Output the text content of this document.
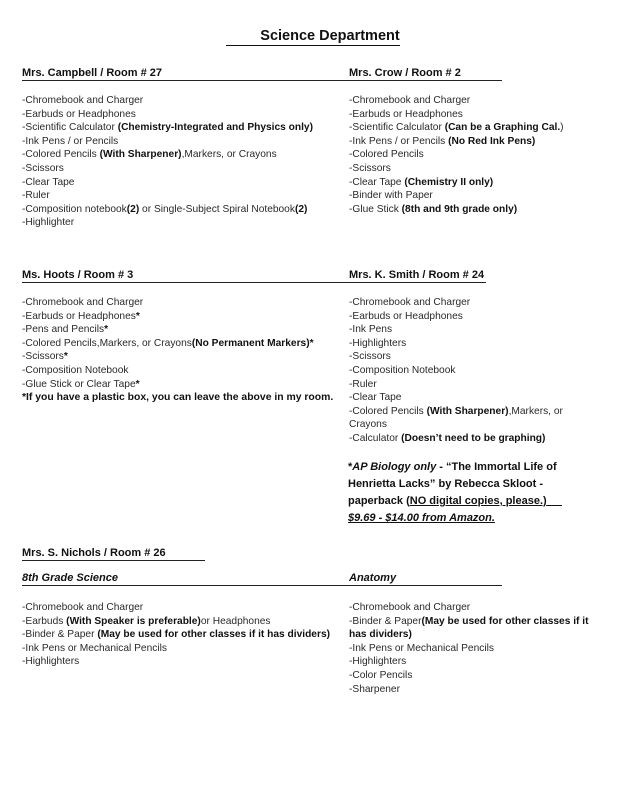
Science Department
Mrs. Campbell / Room # 27	Mrs. Crow / Room # 2
-Chromebook and Charger
-Earbuds or Headphones
-Scientific Calculator (Chemistry-Integrated and Physics only)
-Ink Pens / or Pencils
-Colored Pencils (With Sharpener),Markers, or Crayons
-Scissors
-Clear Tape
-Ruler
-Composition notebook(2) or Single-Subject Spiral Notebook(2)
-Highlighter
-Chromebook and Charger
-Earbuds or Headphones
-Scientific Calculator (Can be a Graphing Cal.)
-Ink Pens / or Pencils (No Red Ink Pens)
-Colored Pencils
-Scissors
-Clear Tape (Chemistry II only)
-Binder with Paper
-Glue Stick (8th and 9th grade only)
Ms. Hoots / Room # 3	Mrs. K. Smith / Room # 24
-Chromebook and Charger
-Earbuds or Headphones*
-Pens and Pencils*
-Colored Pencils,Markers, or Crayons(No Permanent Markers)*
-Scissors*
-Composition Notebook
-Glue Stick or Clear Tape*
*If you have a plastic box, you can leave the above in my room.
-Chromebook and Charger
-Earbuds or Headphones
-Ink Pens
-Highlighters
-Scissors
-Composition Notebook
-Ruler
-Clear Tape
-Colored Pencils (With Sharpener),Markers, or
Crayons
-Calculator (Doesn’t need to be graphing)
*AP Biology only - “The Immortal Life of Henrietta Lacks” by Rebecca Skloot - paperback (NO digital copies, please.)
$9.69 - $14.00 from Amazon.
Mrs. S. Nichols / Room # 26
8th Grade Science	Anatomy
-Chromebook and Charger
-Earbuds (With Speaker is preferable)or Headphones
-Binder & Paper (May be used for other classes if it has dividers)
-Ink Pens or Mechanical Pencils
-Highlighters
-Chromebook and Charger
-Binder & Paper(May be used for other classes if it
has dividers)
-Ink Pens or Mechanical Pencils
-Highlighters
-Color Pencils
-Sharpener
